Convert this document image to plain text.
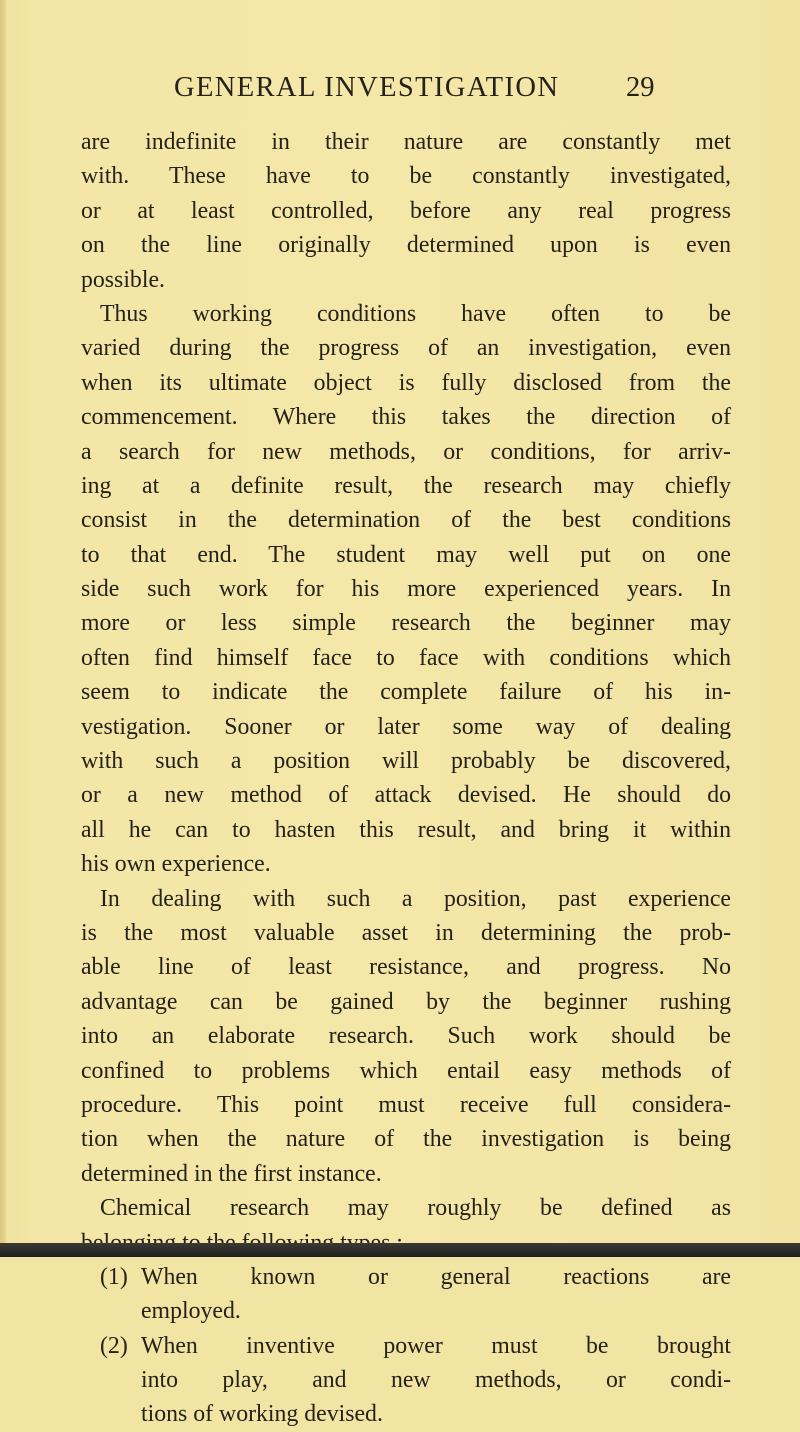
GENERAL INVESTIGATION 29
are indefinite in their nature are constantly met
with. These have to be constantly investigated,
or at least controlled, before any real progress
on the line originally determined upon is even
possible.
Thus working conditions have often to be
varied during the progress of an investigation, even
when its ultimate object is fully disclosed from the
commencement. Where this takes the direction of
a search for new methods, or conditions, for arriv-
ing at a definite result, the research may chiefly
consist in the determination of the best conditions
to that end. The student may well put on one
side such work for his more experienced years. In
more or less simple research the beginner may
often find himself face to face with conditions which
seem to indicate the complete failure of his in-
vestigation. Sooner or later some way of dealing
with such a position will probably be discovered,
or a new method of attack devised. He should do
all he can to hasten this result, and bring it within
his own experience.
In dealing with such a position, past experience
is the most valuable asset in determining the prob-
able line of least resistance, and progress. No
advantage can be gained by the beginner rushing
into an elaborate research. Such work should be
confined to problems which entail easy methods of
procedure. This point must receive full considera-
tion when the nature of the investigation is being
determined in the first instance.
Chemical research may roughly be defined as
(1) When known or general reactions are
employed.
(2) When inventive power must be brought
into play, and new methods, or condi-
tions of working devised.
